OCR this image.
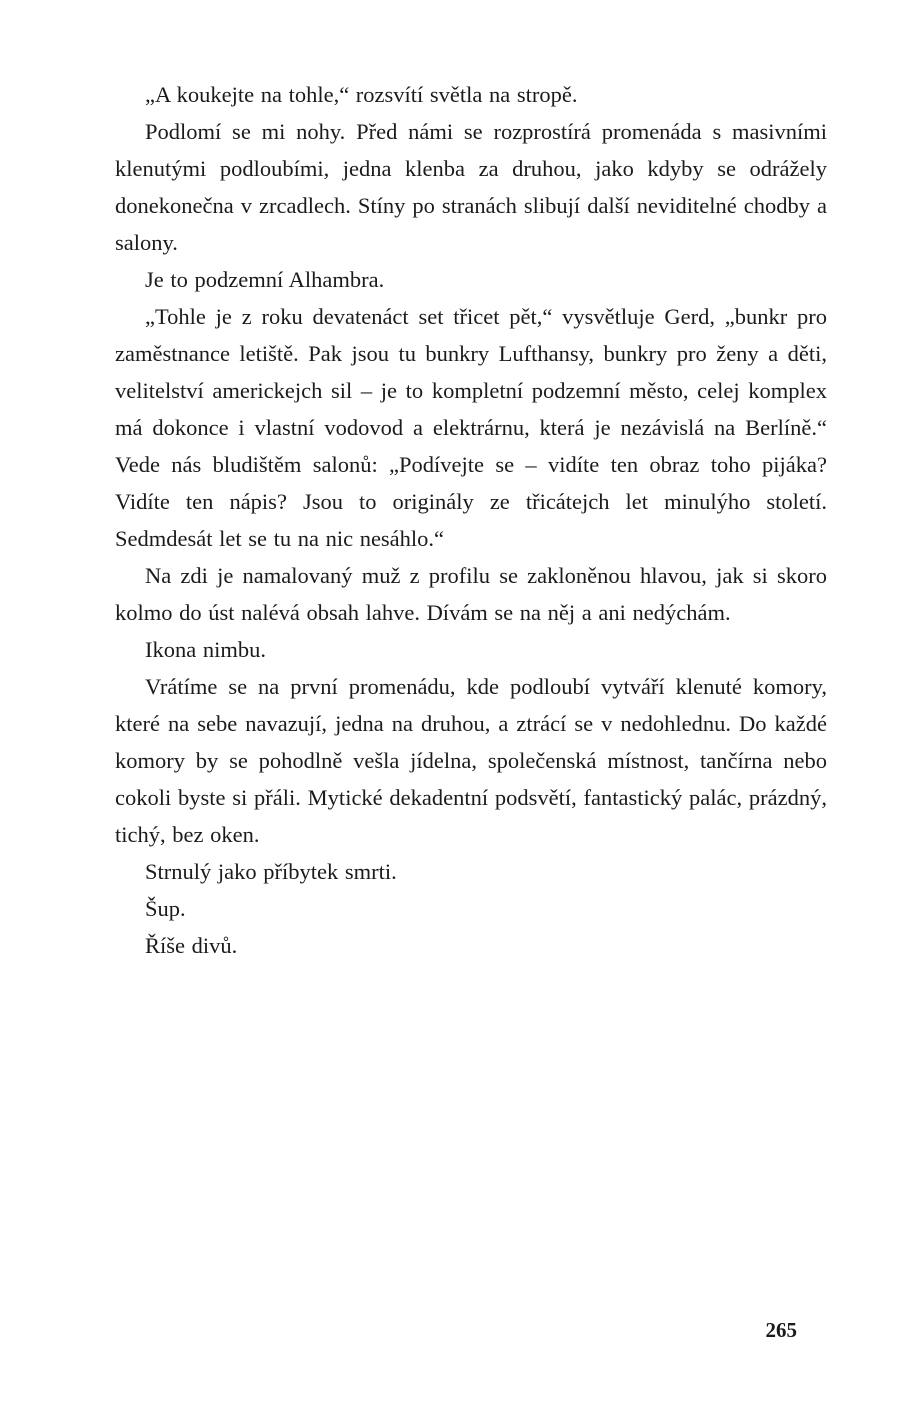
„A koukejte na tohle,“ rozsvítí světla na stropě.

Podlomí se mi nohy. Před námi se rozprostírá promenáda s masivními klenutými podloubími, jedna klenba za druhou, jako kdyby se odrážely donekonečna v zrcadlech. Stíny po stranách slibují další neviditelné chodby a salony.

Je to podzemní Alhambra.

„Tohle je z roku devatenáct set třicet pět,“ vysvětluje Gerd, „bunkr pro zaměstnance letiště. Pak jsou tu bunkry Lufthansy, bunkry pro ženy a děti, velitelství americkejch sil – je to kompletní podzemní město, celej komplex má dokonce i vlastní vodovod a elektrárnu, která je nezávislá na Berlíně.“ Vede nás bludištěm salonů: „Podívejte se – vidíte ten obraz toho pijáka? Vidíte ten nápis? Jsou to originály ze třicátejch let minulýho století. Sedmdesát let se tu na nic nesáhlo.“

Na zdi je namalovaný muž z profilu se zakloněnou hlavou, jak si skoro kolmo do úst nalévá obsah lahve. Dívám se na něj a ani nedýchám.

Ikona nimbu.

Vrátíme se na první promenádu, kde podloubí vytváří klenuté komory, které na sebe navazují, jedna na druhou, a ztrácí se v nedohlednu. Do každé komory by se pohodlně vešla jídelna, společenská místnost, tančírna nebo cokoli byste si přáli. Mytické dekadentní podsvětí, fantastický palác, prázdný, tichý, bez oken.

Strnulý jako příbytek smrti.

Šup.

Říše divů.

265
